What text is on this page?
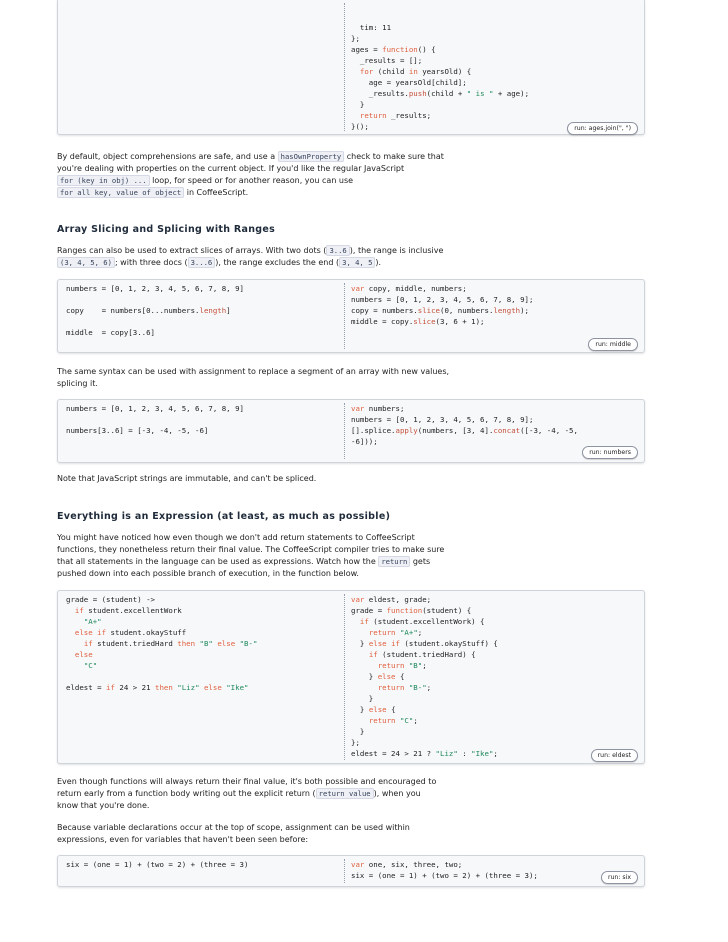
tim: 11
};
ages = function() {
_results = [];
for (child in yearsOld) {
age = yearsOld[child];
_results.push(child + " is " + age);
}
return _results;
}();	run: ages.join(", ")

By default, object comprehensions are safe, and use a hasOwnProperty check to make sure that

you're dealing with properties on the current object. If you'd like the regular JavaScript

for (key in obj) ... loop, for speed or for another reason, you can use

for all key, value of object in CoffeeScript.

Array Slicing and Splicing with Ranges

Ranges can also be used to extract slices of arrays. With two dots ( 3..6 ), the range is inclusive

(3, 4, 5, 6) ; with three docs ( 3...6 ), the range excludes the end ( 3, 4, 5 ).

numbers = [0, 1, 2, 3, 4, 5, 6, 7, 8, 9]

copy    = numbers[0...numbers.length]

middle  = copy[3..6]
var copy, middle, numbers;
numbers = [0, 1, 2, 3, 4, 5, 6, 7, 8, 9];
copy = numbers.slice(0, numbers.length);
middle = copy.slice(3, 6 + 1);
run: middle

The same syntax can be used with assignment to replace a segment of an array with new values,

splicing it.

numbers = [0, 1, 2, 3, 4, 5, 6, 7, 8, 9]

numbers[3..6] = [-3, -4, -5, -6]
var numbers;
numbers = [0, 1, 2, 3, 4, 5, 6, 7, 8, 9];
[].splice.apply(numbers, [3, 4].concat([-3, -4, -5,
-6]));
run: numbers

Note that JavaScript strings are immutable, and can't be spliced.

Everything is an Expression (at least, as much as possible)

You might have noticed how even though we don't add return statements to CoffeeScript

functions, they nonetheless return their final value. The CoffeeScript compiler tries to make sure

that all statements in the language can be used as expressions. Watch how the return gets

pushed down into each possible branch of execution, in the function below.

grade = (student) ->
if student.excellentWork
"A+"
else if student.okayStuff
if student.triedHard then "B" else "B-"
else
"C"

eldest = if 24 > 21 then "Liz" else "Ike"
var eldest, grade;
grade = function(student) {
if (student.excellentWork) {
return "A+";
} else if (student.okayStuff) {
if (student.triedHard) {
return "B";
} else {
return "B-";
}
} else {
return "C";
}
};
eldest = 24 > 21 ? "Liz" : "Ike";	run: eldest

Even though functions will always return their final value, it's both possible and encouraged to

return early from a function body writing out the explicit return ( return value ), when you

know that you're done.

Because variable declarations occur at the top of scope, assignment can be used within

expressions, even for variables that haven't been seen before:

six = (one = 1) + (two = 2) + (three = 3)	var one, six, three, two;
six = (one = 1) + (two = 2) + (three = 3);	run: six
